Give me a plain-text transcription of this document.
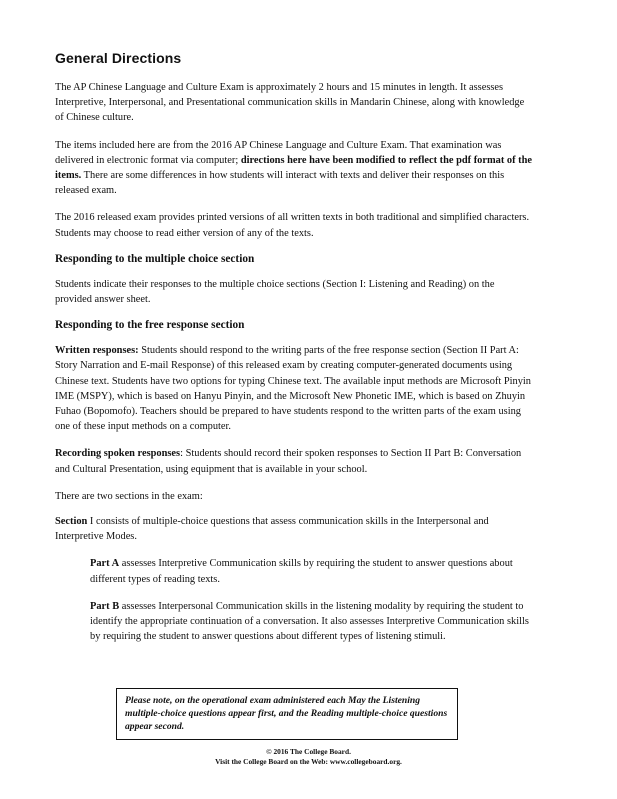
General Directions

The AP Chinese Language and Culture Exam is approximately 2 hours and 15 minutes in length. It assesses Interpretive, Interpersonal, and Presentational communication skills in Mandarin Chinese, along with knowledge of Chinese culture.

The items included here are from the 2016 AP Chinese Language and Culture Exam. That examination was delivered in electronic format via computer; directions here have been modified to reflect the pdf format of the items. There are some differences in how students will interact with texts and deliver their responses on this released exam.

The 2016 released exam provides printed versions of all written texts in both traditional and simplified characters. Students may choose to read either version of any of the texts.

Responding to the multiple choice section

Students indicate their responses to the multiple choice sections (Section I: Listening and Reading) on the provided answer sheet.

Responding to the free response section

Written responses: Students should respond to the writing parts of the free response section (Section II Part A: Story Narration and E-mail Response) of this released exam by creating computer-generated documents using Chinese text. Students have two options for typing Chinese text. The available input methods are Microsoft Pinyin IME (MSPY), which is based on Hanyu Pinyin, and the Microsoft New Phonetic IME, which is based on Zhuyin Fuhao (Bopomofo). Teachers should be prepared to have students respond to the written parts of the exam using one of these input methods on a computer.

Recording spoken responses: Students should record their spoken responses to Section II Part B: Conversation and Cultural Presentation, using equipment that is available in your school.

There are two sections in the exam:

Section I consists of multiple-choice questions that assess communication skills in the Interpersonal and Interpretive Modes.

Part A assesses Interpretive Communication skills by requiring the student to answer questions about different types of reading texts.

Part B assesses Interpersonal Communication skills in the listening modality by requiring the student to identify the appropriate continuation of a conversation. It also assesses Interpretive Communication skills by requiring the student to answer questions about different types of listening stimuli.

Please note, on the operational exam administered each May the Listening multiple-choice questions appear first, and the Reading multiple-choice questions appear second.

© 2016 The College Board.
Visit the College Board on the Web: www.collegeboard.org.
